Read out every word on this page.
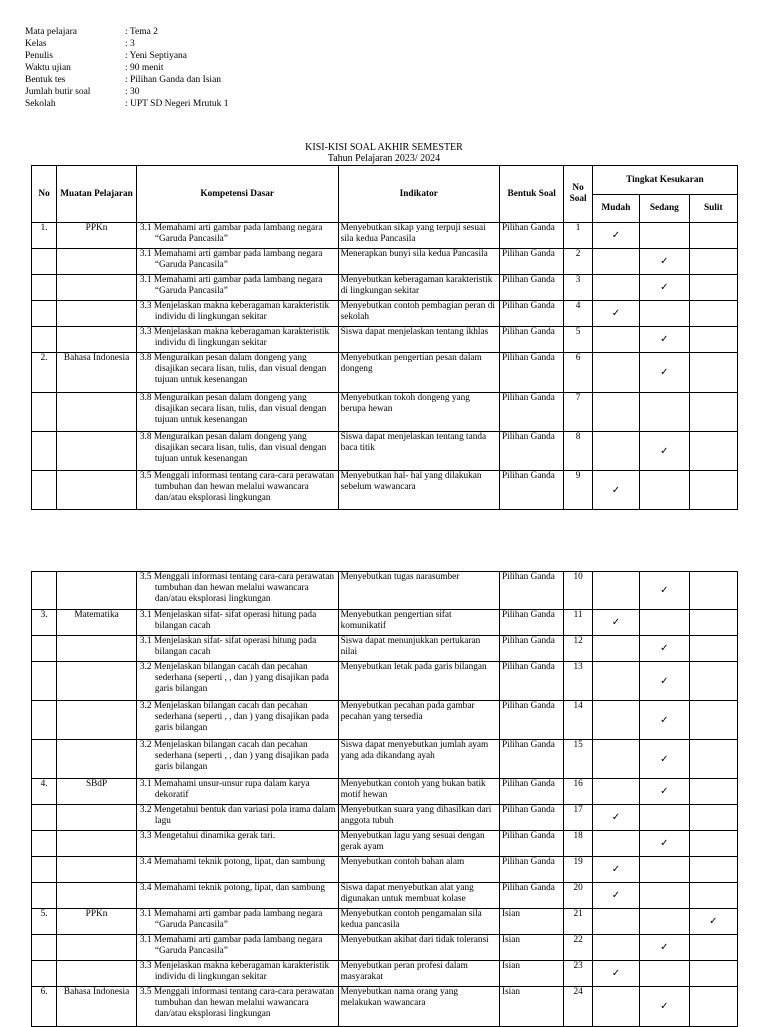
Mata pelajara	: Tema 2
Kelas	: 3
Penulis	: Yeni Septiyana
Waktu ujian	: 90 menit
Bentuk tes	: Pilihan Ganda dan Isian
Jumlah butir soal	: 30
Sekolah	: UPT SD Negeri Mrutuk 1
KISI-KISI SOAL AKHIR SEMESTER
Tahun Pelajaran 2023/ 2024
No	Muatan Pelajaran	Kompetensi Dasar	Indikator	Bentuk Soal	No Soal	Tingkat Kesukaran		
						Mudah	Sedang	Sulit
1.	PPKn	3.1 Memahami arti gambar pada lambang negara “Garuda Pancasila”	Menyebutkan sikap yang terpuji sesuai sila kedua Pancasila	Pilihan Ganda	1	✓		
		3.1 Memahami arti gambar pada lambang negara “Garuda Pancasila”	Menerapkan bunyi sila kedua Pancasila	Pilihan Ganda	2		✓	
		3.1 Memahami arti gambar pada lambang negara “Garuda Pancasila”	Menyebutkan keberagaman karakteristik di lingkungan sekitar	Pilihan Ganda	3		✓	
		3.3 Menjelaskan makna keberagaman karakteristik individu di lingkungan sekitar	Menyebutkan contoh pembagian peran di sekolah	Pilihan Ganda	4	✓		
		3.3 Menjelaskan makna keberagaman karakteristik individu di lingkungan sekitar	Siswa dapat menjelaskan tentang ikhlas	Pilihan Ganda	5		✓	
2.	Bahasa Indonesia	3.8 Menguraikan pesan dalam dongeng yang disajikan secara lisan, tulis, dan visual dengan tujuan untuk kesenangan	Menyebutkan pengertian pesan dalam dongeng	Pilihan Ganda	6		✓	
		3.8 Menguraikan pesan dalam dongeng yang disajikan secara lisan, tulis, dan visual dengan tujuan untuk kesenangan	Menyebutkan tokoh dongeng yang berupa hewan	Pilihan Ganda	7			
		3.8 Menguraikan pesan dalam dongeng yang disajikan secara lisan, tulis, dan visual dengan tujuan untuk kesenangan	Siswa dapat menjelaskan tentang tanda baca titik	Pilihan Ganda	8		✓	
		3.5 Menggali informasi tentang cara-cara perawatan tumbuhan dan hewan melalui wawancara dan/atau eksplorasi lingkungan	Menyebutkan hal- hal yang dilakukan sebelum wawancara	Pilihan Ganda	9	✓		
		3.5 Menggali informasi tentang cara-cara perawatan tumbuhan dan hewan melalui wawancara dan/atau eksplorasi lingkungan	Menyebutkan tugas narasumber	Pilihan Ganda	10		✓	
3.	Matematika	3.1 Menjelaskan sifat- sifat operasi hitung pada bilangan cacah	Menyebutkan pengertian sifat komunikatif	Pilihan Ganda	11	✓		
		3.1 Menjelaskan sifat- sifat operasi hitung pada bilangan cacah	Siswa dapat menunjukkan pertukaran nilai	Pilihan Ganda	12		✓	
		3.2 Menjelaskan bilangan cacah dan pecahan sederhana (seperti , , dan ) yang disajikan pada garis bilangan	Menyebutkan letak pada garis bilangan	Pilihan Ganda	13		✓	
		3.2 Menjelaskan bilangan cacah dan pecahan sederhana (seperti , , dan ) yang disajikan pada garis bilangan	Menyebutkan pecahan pada gambar pecahan yang tersedia	Pilihan Ganda	14		✓	
		3.2 Menjelaskan bilangan cacah dan pecahan sederhana (seperti , , dan ) yang disajikan pada garis bilangan	Siswa dapat menyebutkan jumlah ayam yang ada dikandang ayah	Pilihan Ganda	15		✓	
4.	SBdP	3.1 Memahami unsur-unsur rupa dalam karya dekoratif	Menyebutkan contoh yang bukan batik motif hewan	Pilihan Ganda	16		✓	
		3.2 Mengetahui bentuk dan variasi pola irama dalam lagu	Menyebutkan suara yang dihasilkan dari anggota tubuh	Pilihan Ganda	17	✓		
		3.3 Mengetahui dinamika gerak tari.	Menyebutkan lagu yang sesuai dengan gerak ayam	Pilihan Ganda	18		✓	
		3.4 Memahami teknik potong, lipat, dan sambung	Menyebutkan contoh bahan alam	Pilihan Ganda	19	✓		
		3.4 Memahami teknik potong, lipat, dan sambung	Siswa dapat menyebutkan alat yang digunakan untuk membuat kolase	Pilihan Ganda	20	✓		
5.	PPKn	3.1 Memahami arti gambar pada lambang negara “Garuda Pancasila”	Menyebutkan contoh pengamalan sila kedua pancasila	Isian	21			✓
		3.1 Memahami arti gambar pada lambang negara “Garuda Pancasila”	Menyebutkan akibat dari tidak toleransi	Isian	22		✓	
		3.3 Menjelaskan makna keberagaman karakteristik individu di lingkungan sekitar	Menyebutkan peran profesi dalam masyarakat	Isian	23	✓		
6.	Bahasa Indonesia	3.5 Menggali informasi tentang cara-cara perawatan tumbuhan dan hewan melalui wawancara dan/atau eksplorasi lingkungan	Menyebutkan nama orang yang melakukan wawancara	Isian	24		✓	
